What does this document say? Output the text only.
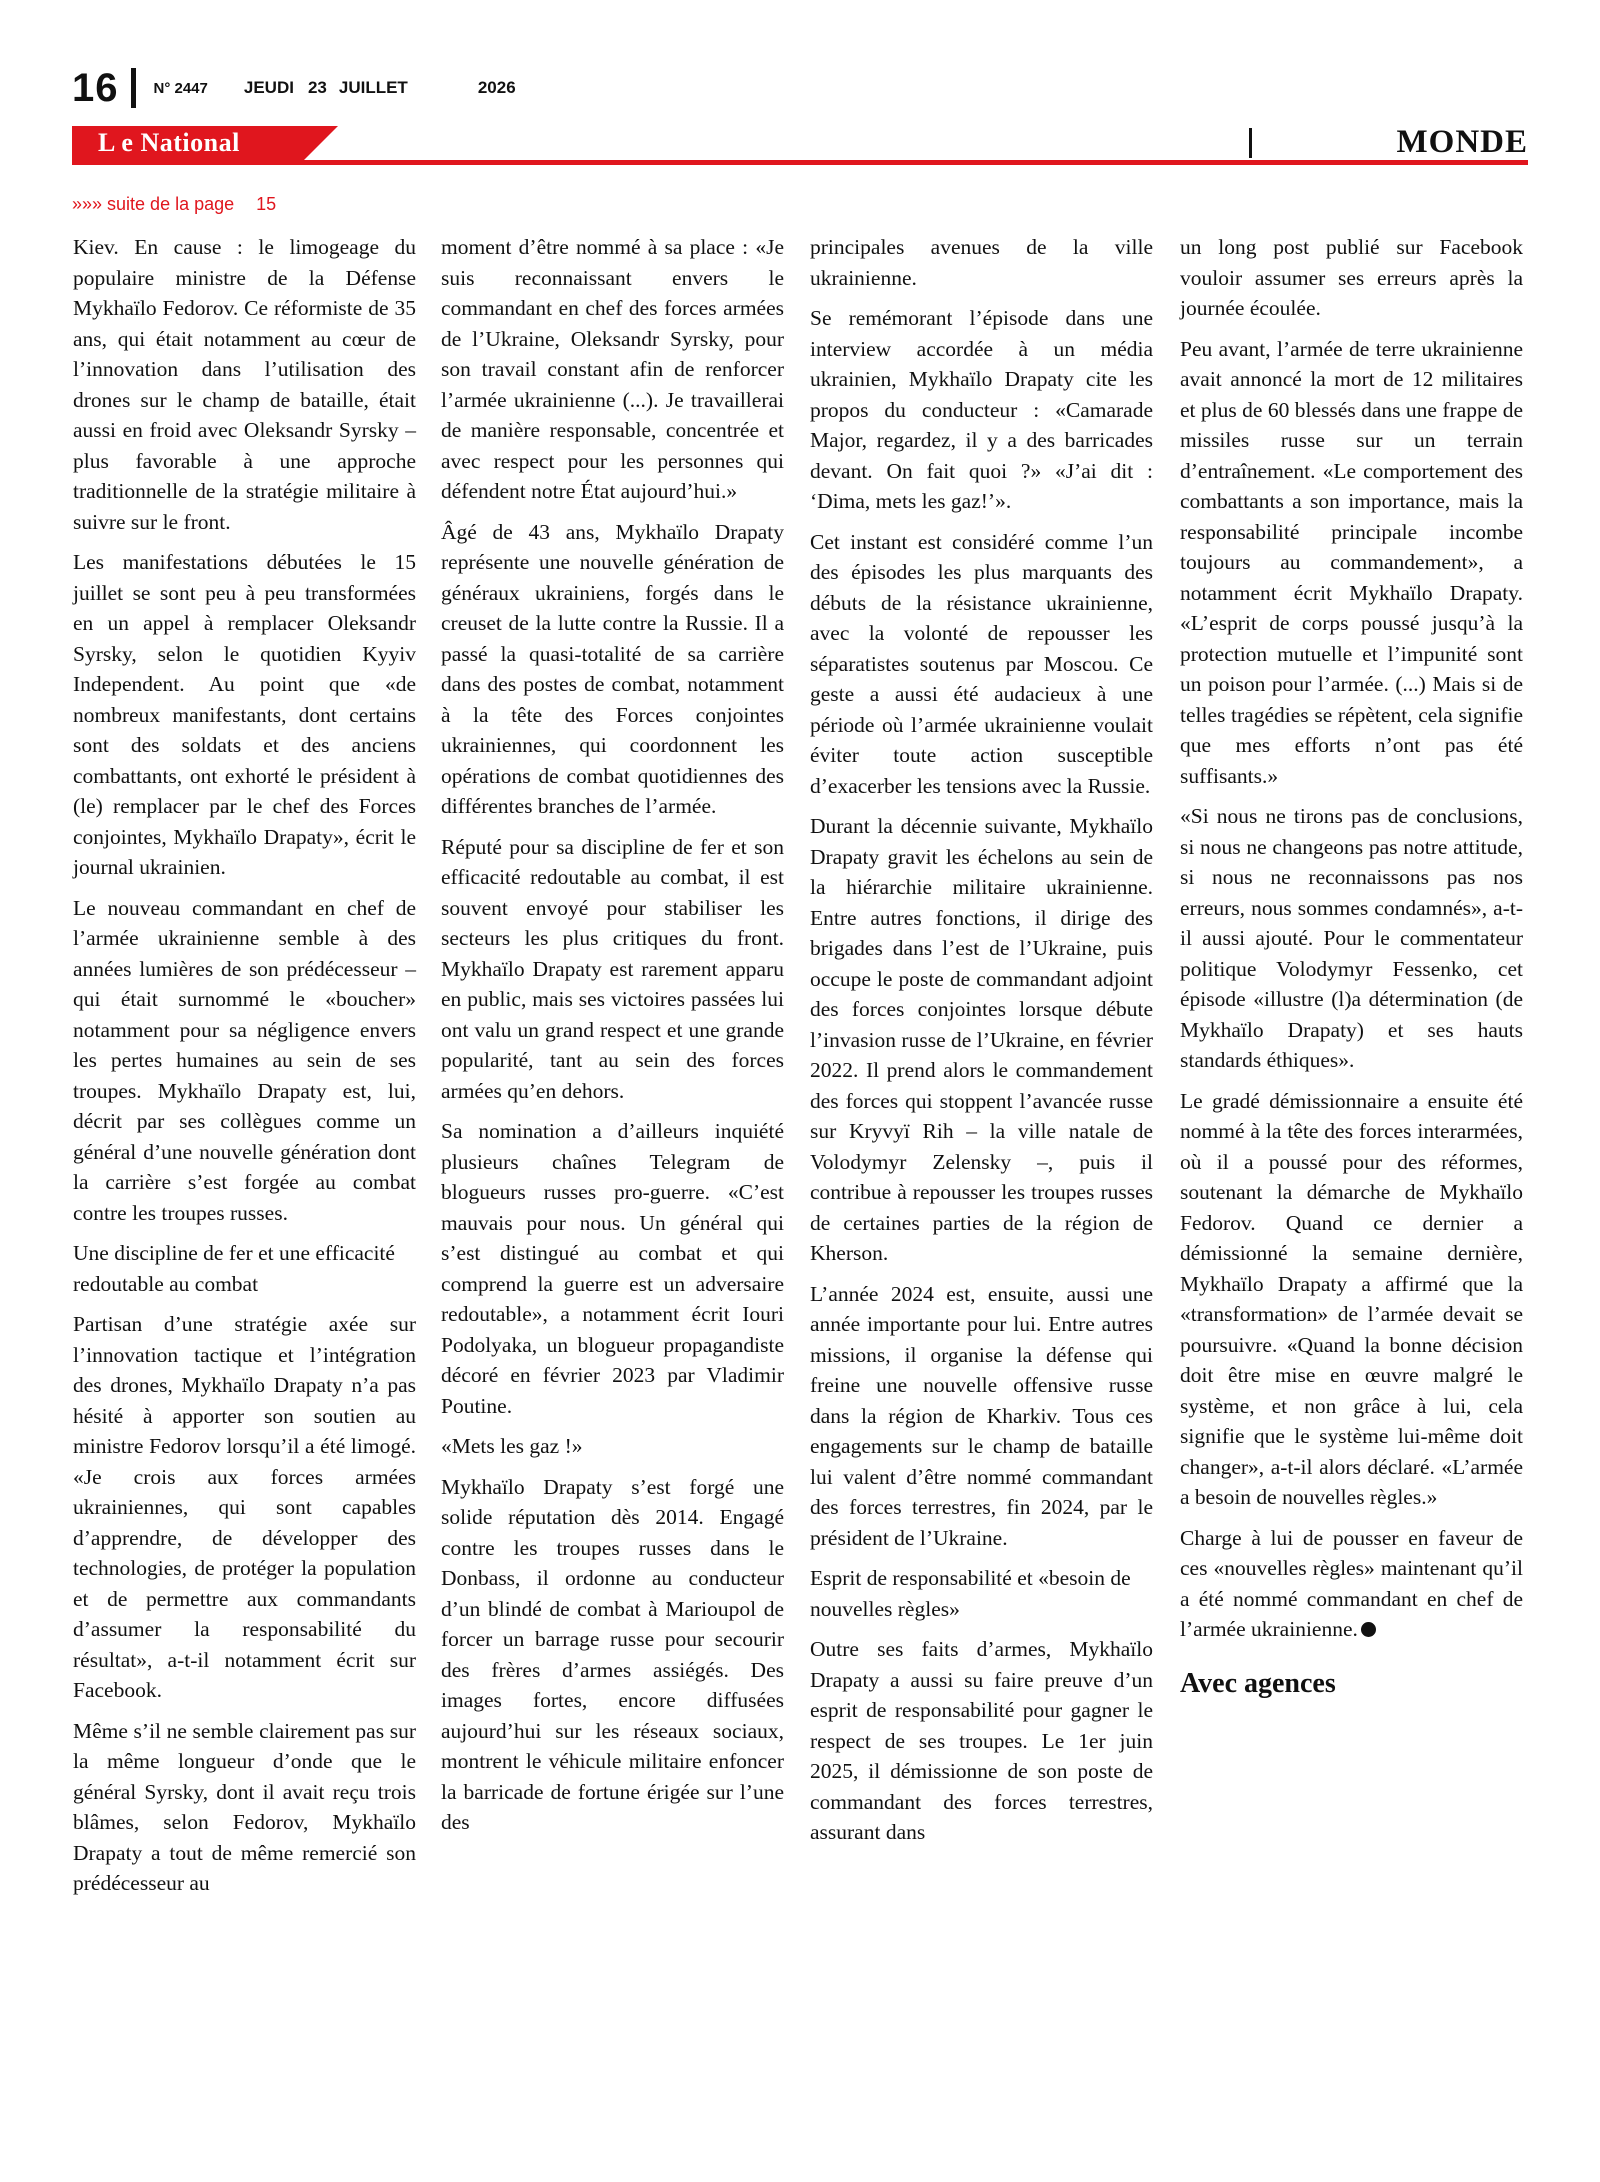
16 N° 2447 JEUDI 23 JUILLET	2026
L e National	MONDE
»»» suite de la page 15

Kiev. En cause : le limogeage du populaire ministre de la Défense Mykhaïlo Fedorov. Ce réformiste de 35 ans, qui était notamment au cœur de l’innovation dans l’utilisation des drones sur le champ de bataille, était aussi en froid avec Oleksandr Syrsky – plus favorable à une approche traditionnelle de la stratégie militaire à suivre sur le front.

Les manifestations débutées le 15 juillet se sont peu à peu transformées en un appel à remplacer Oleksandr Syrsky, selon le quotidien Kyyiv Independent. Au point que «de nombreux manifestants, dont certains sont des soldats et des anciens combattants, ont exhorté le président à (le) remplacer par le chef des Forces conjointes, Mykhaïlo Drapaty», écrit le journal ukrainien.

Le nouveau commandant en chef de l’armée ukrainienne semble à des années lumières de son prédécesseur – qui était surnommé le «boucher» notamment pour sa négligence envers les pertes humaines au sein de ses troupes. Mykhaïlo Drapaty est, lui, décrit par ses collègues comme un général d’une nouvelle génération dont la carrière s’est forgée au combat contre les troupes russes.

Une discipline de fer et une efficacité redoutable au combat

Partisan d’une stratégie axée sur l’innovation tactique et l’intégration des drones, Mykhaïlo Drapaty n’a pas hésité à apporter son soutien au ministre Fedorov lorsqu’il a été limogé. «Je crois aux forces armées ukrainiennes, qui sont capables d’apprendre, de développer des technologies, de protéger la population et de permettre aux commandants d’assumer la responsabilité du résultat», a-t-il notamment écrit sur Facebook.

Même s’il ne semble clairement pas sur la même longueur d’onde que le général Syrsky, dont il avait reçu trois blâmes, selon Fedorov, Mykhaïlo Drapaty a tout de même remercié son prédécesseur au

moment d’être nommé à sa place : «Je suis reconnaissant envers le commandant en chef des forces armées de l’Ukraine, Oleksandr Syrsky, pour son travail constant afin de renforcer l’armée ukrainienne (...). Je travaillerai de manière responsable, concentrée et avec respect pour les personnes qui défendent notre État aujourd’hui.»

Âgé de 43 ans, Mykhaïlo Drapaty représente une nouvelle génération de généraux ukrainiens, forgés dans le creuset de la lutte contre la Russie. Il a passé la quasi-totalité de sa carrière dans des postes de combat, notamment à la tête des Forces conjointes ukrainiennes, qui coordonnent les opérations de combat quotidiennes des différentes branches de l’armée.

Réputé pour sa discipline de fer et son efficacité redoutable au combat, il est souvent envoyé pour stabiliser les secteurs les plus critiques du front. Mykhaïlo Drapaty est rarement apparu en public, mais ses victoires passées lui ont valu un grand respect et une grande popularité, tant au sein des forces armées qu’en dehors.

Sa nomination a d’ailleurs inquiété plusieurs chaînes Telegram de blogueurs russes pro-guerre. «C’est mauvais pour nous. Un général qui s’est distingué au combat et qui comprend la guerre est un adversaire redoutable», a notamment écrit Iouri Podolyaka, un blogueur propagandiste décoré en février 2023 par Vladimir Poutine.

«Mets les gaz !»

Mykhaïlo Drapaty s’est forgé une solide réputation dès 2014. Engagé contre les troupes russes dans le Donbass, il ordonne au conducteur d’un blindé de combat à Marioupol de forcer un barrage russe pour secourir des frères d’armes assiégés. Des images fortes, encore diffusées aujourd’hui sur les réseaux sociaux, montrent le véhicule militaire enfoncer la barricade de fortune érigée sur l’une des

principales avenues de la ville ukrainienne.

Se remémorant l’épisode dans une interview accordée à un média ukrainien, Mykhaïlo Drapaty cite les propos du conducteur : «Camarade Major, regardez, il y a des barricades devant. On fait quoi ?» «J’ai dit : ‘Dima, mets les gaz!’».

Cet instant est considéré comme l’un des épisodes les plus marquants des débuts de la résistance ukrainienne, avec la volonté de repousser les séparatistes soutenus par Moscou. Ce geste a aussi été audacieux à une période où l’armée ukrainienne voulait éviter toute action susceptible d’exacerber les tensions avec la Russie.

Durant la décennie suivante, Mykhaïlo Drapaty gravit les échelons au sein de la hiérarchie militaire ukrainienne. Entre autres fonctions, il dirige des brigades dans l’est de l’Ukraine, puis occupe le poste de commandant adjoint des forces conjointes lorsque débute l’invasion russe de l’Ukraine, en février 2022. Il prend alors le commandement des forces qui stoppent l’avancée russe sur Kryvyï Rih – la ville natale de Volodymyr Zelensky –, puis il contribue à repousser les troupes russes de certaines parties de la région de Kherson.

L’année 2024 est, ensuite, aussi une année importante pour lui. Entre autres missions, il organise la défense qui freine une nouvelle offensive russe dans la région de Kharkiv. Tous ces engagements sur le champ de bataille lui valent d’être nommé commandant des forces terrestres, fin 2024, par le président de l’Ukraine.

Esprit de responsabilité et «besoin de nouvelles règles»

Outre ses faits d’armes, Mykhaïlo Drapaty a aussi su faire preuve d’un esprit de responsabilité pour gagner le respect de ses troupes. Le 1er juin 2025, il démissionne de son poste de commandant des forces terrestres, assurant dans

un long post publié sur Facebook vouloir assumer ses erreurs après la journée écoulée.

Peu avant, l’armée de terre ukrainienne avait annoncé la mort de 12 militaires et plus de 60 blessés dans une frappe de missiles russe sur un terrain d’entraînement. «Le comportement des combattants a son importance, mais la responsabilité principale incombe toujours au commandement», a notamment écrit Mykhaïlo Drapaty. «L’esprit de corps poussé jusqu’à la protection mutuelle et l’impunité sont un poison pour l’armée. (...) Mais si de telles tragédies se répètent, cela signifie que mes efforts n’ont pas été suffisants.»

«Si nous ne tirons pas de conclusions, si nous ne changeons pas notre attitude, si nous ne reconnaissons pas nos erreurs, nous sommes condamnés», a-t-il aussi ajouté. Pour le commentateur politique Volodymyr Fessenko, cet épisode «illustre (l)a détermination (de Mykhaïlo Drapaty) et ses hauts standards éthiques».

Le gradé démissionnaire a ensuite été nommé à la tête des forces interarmées, où il a poussé pour des réformes, soutenant la démarche de Mykhaïlo Fedorov. Quand ce dernier a démissionné la semaine dernière, Mykhaïlo Drapaty a affirmé que la «transformation» de l’armée devait se poursuivre. «Quand la bonne décision doit être mise en œuvre malgré le système, et non grâce à lui, cela signifie que le système lui-même doit changer», a-t-il alors déclaré. «L’armée a besoin de nouvelles règles.»

Charge à lui de pousser en faveur de ces «nouvelles règles» maintenant qu’il a été nommé commandant en chef de l’armée ukrainienne.

Avec agences
